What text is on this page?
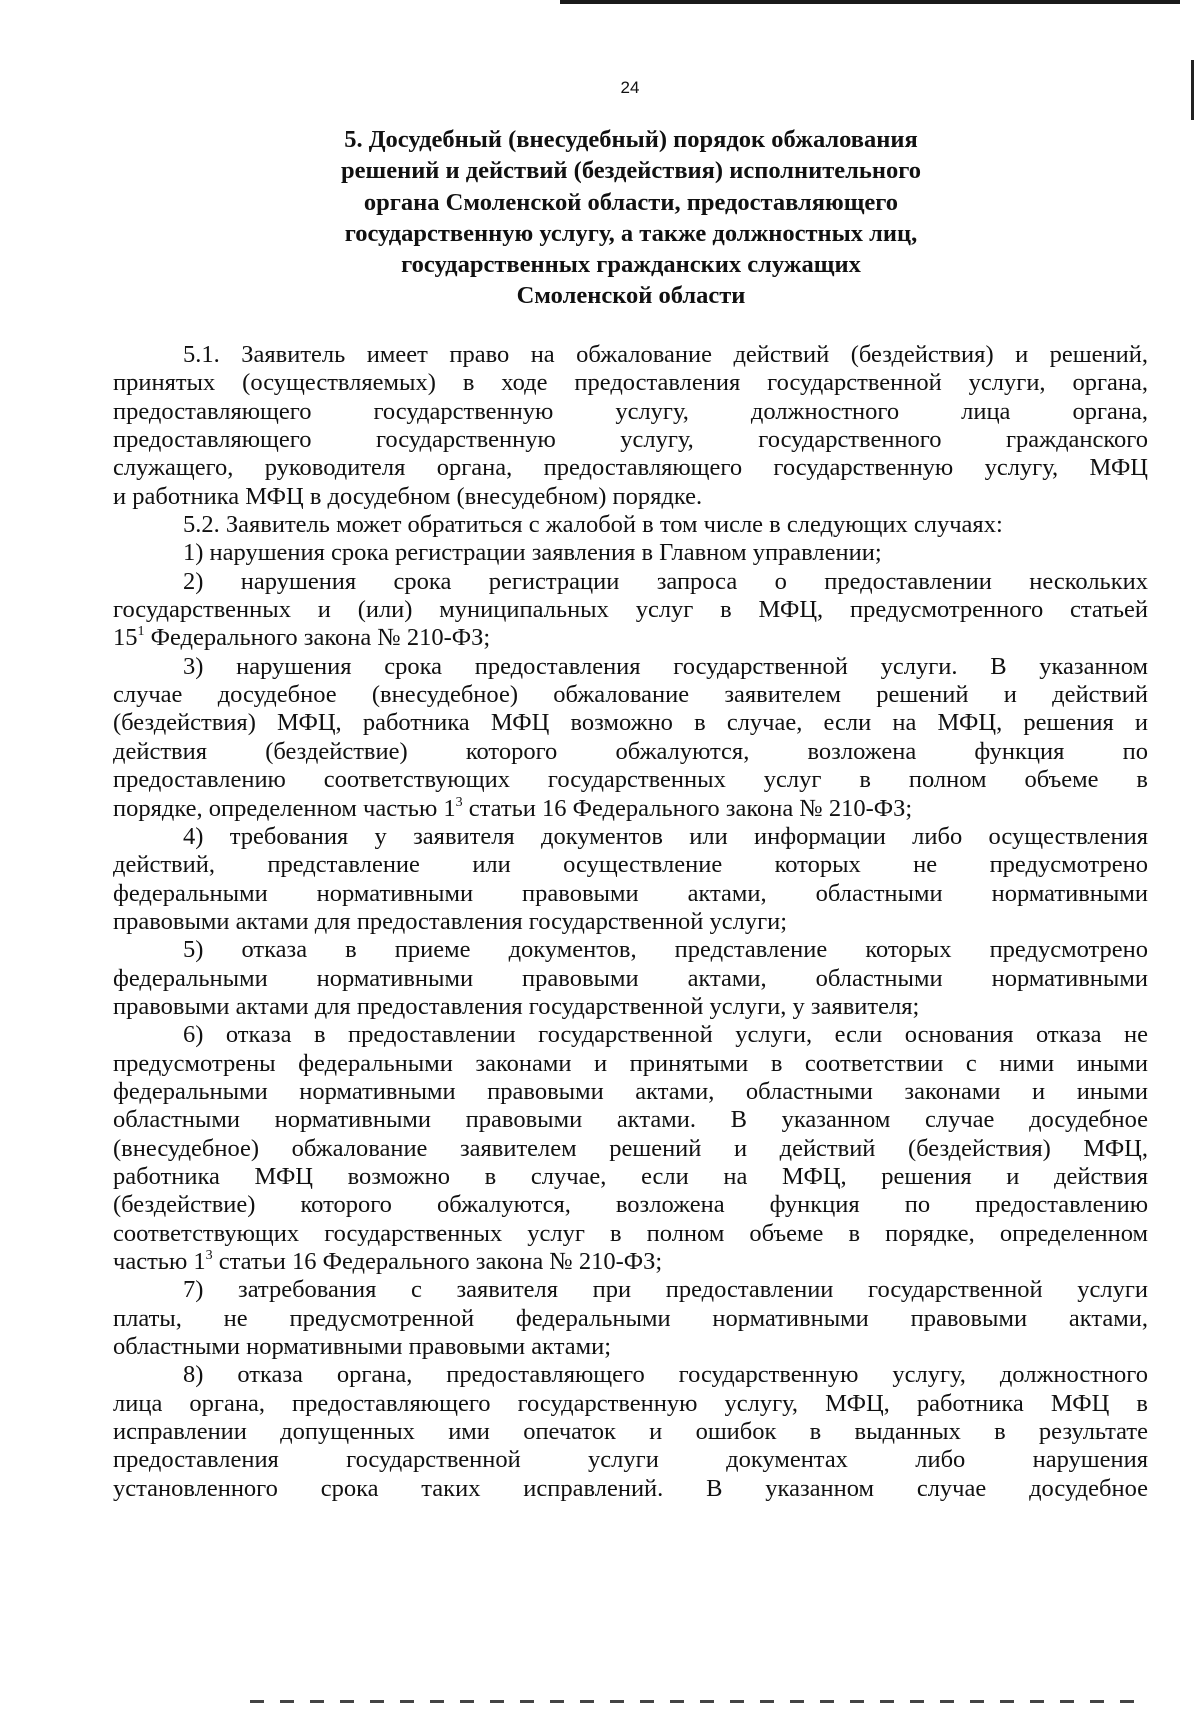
24
5. Досудебный (внесудебный) порядок обжалования
решений и действий (бездействия) исполнительного
органа Смоленской области, предоставляющего
государственную услугу, а также должностных лиц,
государственных гражданских служащих
Смоленской области

5.1. Заявитель имеет право на обжалование действий (бездействия) и решений,
принятых (осуществляемых) в ходе предоставления государственной услуги, органа,
предоставляющего государственную услугу, должностного лица органа,
предоставляющего государственную услугу, государственного гражданского
служащего, руководителя органа, предоставляющего государственную услугу, МФЦ
и работника МФЦ в досудебном (внесудебном) порядке.

5.2. Заявитель может обратиться с жалобой в том числе в следующих случаях:

1) нарушения срока регистрации заявления в Главном управлении;

2) нарушения срока регистрации запроса о предоставлении нескольких
государственных и (или) муниципальных услуг в МФЦ, предусмотренного статьей
$15^1$ Федерального закона № 210-ФЗ;

3) нарушения срока предоставления государственной услуги. В указанном
случае досудебное (внесудебное) обжалование заявителем решений и действий
(бездействия) МФЦ, работника МФЦ возможно в случае, если на МФЦ, решения и
действия (бездействие) которого обжалуются, возложена функция по
предоставлению соответствующих государственных услуг в полном объеме в
порядке, определенном частью $1^3$ статьи 16 Федерального закона № 210-ФЗ;

4) требования у заявителя документов или информации либо осуществления
действий, представление или осуществление которых не предусмотрено
федеральными нормативными правовыми актами, областными нормативными
правовыми актами для предоставления государственной услуги;

5) отказа в приеме документов, представление которых предусмотрено
федеральными нормативными правовыми актами, областными нормативными
правовыми актами для предоставления государственной услуги, у заявителя;

6) отказа в предоставлении государственной услуги, если основания отказа не
предусмотрены федеральными законами и принятыми в соответствии с ними иными
федеральными нормативными правовыми актами, областными законами и иными
областными нормативными правовыми актами. В указанном случае досудебное
(внесудебное) обжалование заявителем решений и действий (бездействия) МФЦ,
работника МФЦ возможно в случае, если на МФЦ, решения и действия
(бездействие) которого обжалуются, возложена функция по предоставлению
соответствующих государственных услуг в полном объеме в порядке, определенном
частью $1^3$ статьи 16 Федерального закона № 210-ФЗ;

7) затребования с заявителя при предоставлении государственной услуги
платы, не предусмотренной федеральными нормативными правовыми актами,
областными нормативными правовыми актами;

8) отказа органа, предоставляющего государственную услугу, должностного
лица органа, предоставляющего государственную услугу, МФЦ, работника МФЦ в
исправлении допущенных ими опечаток и ошибок в выданных в результате
предоставления государственной услуги документах либо нарушения
установленного срока таких исправлений. В указанном случае досудебное
